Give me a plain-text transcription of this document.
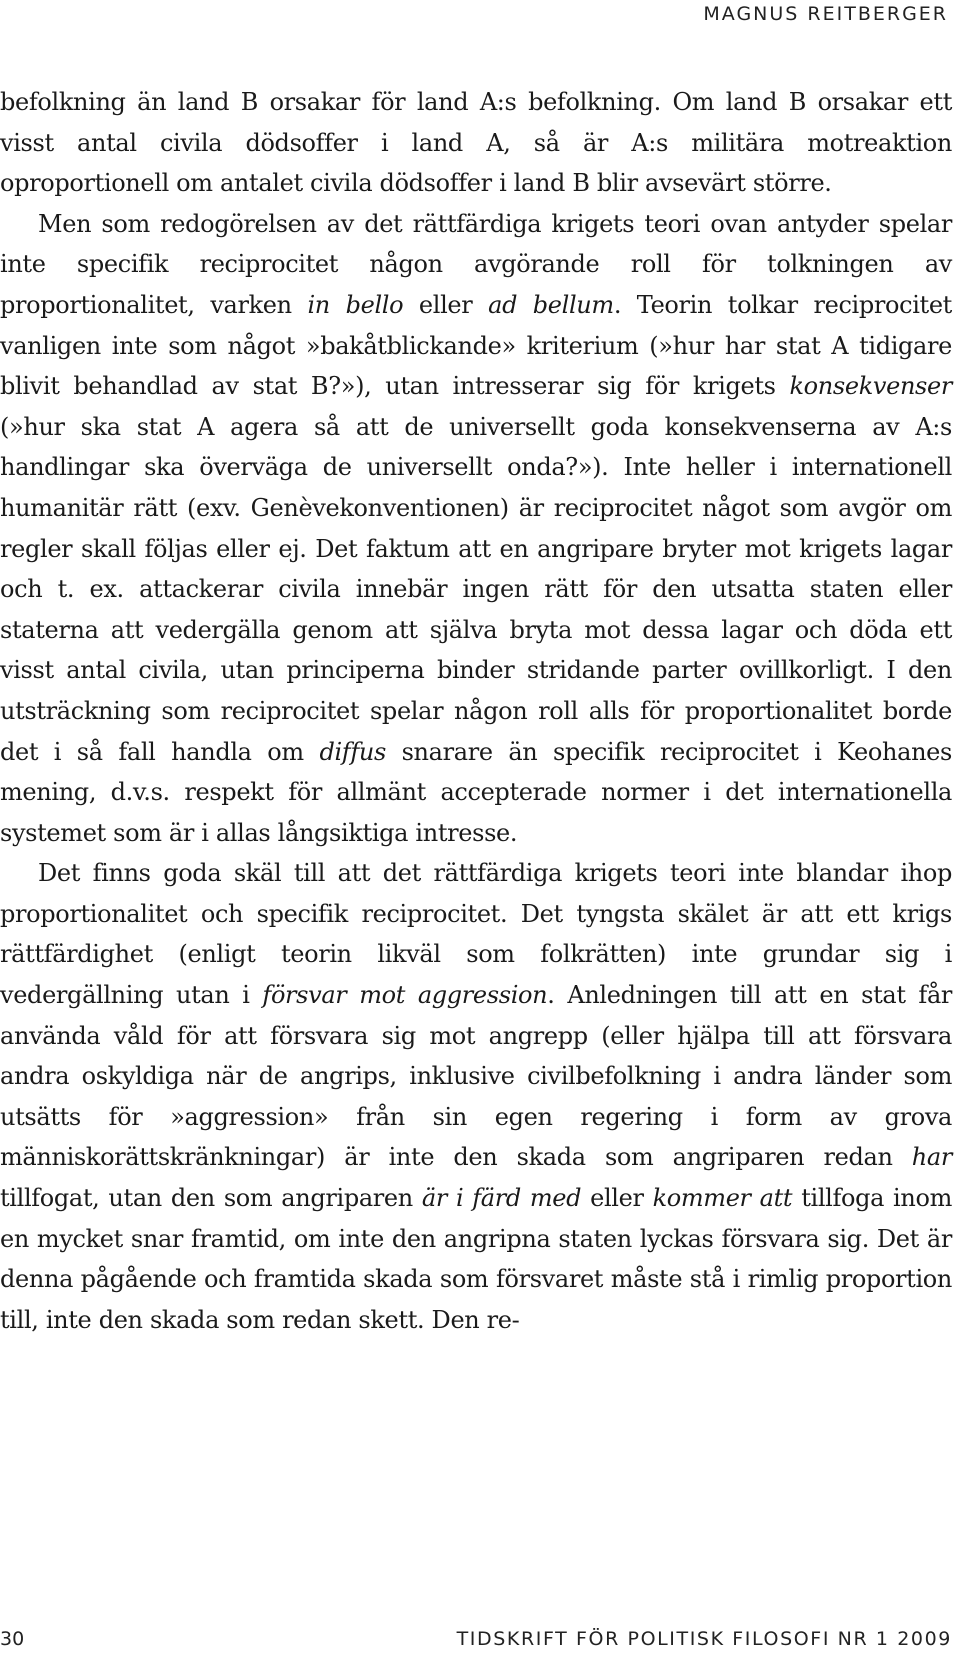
MAGNUS REITBERGER

befolkning än land B orsakar för land A:s befolkning. Om land B orsakar ett visst antal civila dödsoffer i land A, så är A:s militära motreaktion oproportionell om antalet civila dödsoffer i land B blir avsevärt större.

Men som redogörelsen av det rättfärdiga krigets teori ovan antyder spelar inte specifik reciprocitet någon avgörande roll för tolkningen av proportionalitet, varken in bello eller ad bellum. Teorin tolkar reciprocitet vanligen inte som något »bakåtblickande» kriterium (»hur har stat A tidigare blivit behandlad av stat B?»), utan intresserar sig för krigets konsekvenser (»hur ska stat A agera så att de universellt goda konsekvenserna av A:s handlingar ska överväga de universellt onda?»). Inte heller i internationell humanitär rätt (exv. Genèvekonventionen) är reciprocitet något som avgör om regler skall följas eller ej. Det faktum att en angripare bryter mot krigets lagar och t. ex. attackerar civila innebär ingen rätt för den utsatta staten eller staterna att vedergälla genom att själva bryta mot dessa lagar och döda ett visst antal civila, utan principerna binder stridande parter ovillkorligt. I den utsträckning som reciprocitet spelar någon roll alls för proportionalitet borde det i så fall handla om diffus snarare än specifik reciprocitet i Keohanes mening, d.v.s. respekt för allmänt accepterade normer i det internationella systemet som är i allas långsiktiga intresse.

Det finns goda skäl till att det rättfärdiga krigets teori inte blandar ihop proportionalitet och specifik reciprocitet. Det tyngsta skälet är att ett krigs rättfärdighet (enligt teorin likväl som folkrätten) inte grundar sig i vedergällning utan i försvar mot aggression. Anledningen till att en stat får använda våld för att försvara sig mot angrepp (eller hjälpa till att försvara andra oskyldiga när de angrips, inklusive civilbefolkning i andra länder som utsätts för »aggression» från sin egen regering i form av grova människorättskränkningar) är inte den skada som angriparen redan har tillfogat, utan den som angriparen är i färd med eller kommer att tillfoga inom en mycket snar framtid, om inte den angripna staten lyckas försvara sig. Det är denna pågående och framtida skada som försvaret måste stå i rimlig proportion till, inte den skada som redan skett. Den re-

30	TIDSKRIFT FÖR POLITISK FILOSOFI NR 1 2009
